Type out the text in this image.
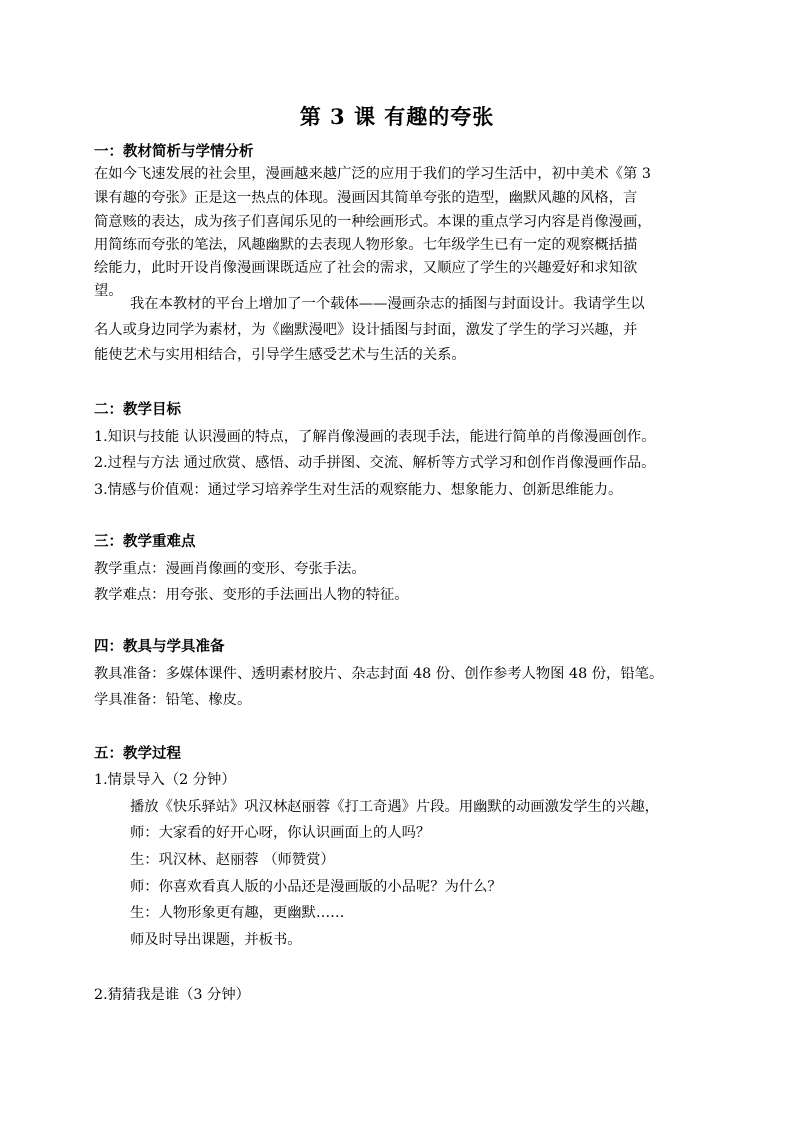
第 3 课 有趣的夸张
一：教材简析与学情分析
在如今飞速发展的社会里，漫画越来越广泛的应用于我们的学习生活中，初中美术《第 3
课有趣的夸张》正是这一热点的体现。漫画因其简单夸张的造型，幽默风趣的风格，言
简意赅的表达，成为孩子们喜闻乐见的一种绘画形式。本课的重点学习内容是肖像漫画，
用简练而夸张的笔法，风趣幽默的去表现人物形象。七年级学生已有一定的观察概括描
绘能力，此时开设肖像漫画课既适应了社会的需求，又顺应了学生的兴趣爱好和求知欲
望。
我在本教材的平台上增加了一个载体——漫画杂志的插图与封面设计。我请学生以
名人或身边同学为素材，为《幽默漫吧》设计插图与封面，激发了学生的学习兴趣，并
能使艺术与实用相结合，引导学生感受艺术与生活的关系。
二：教学目标
1.知识与技能 认识漫画的特点，了解肖像漫画的表现手法，能进行简单的肖像漫画创作。
2.过程与方法 通过欣赏、感悟、动手拼图、交流、解析等方式学习和创作肖像漫画作品。
3.情感与价值观：通过学习培养学生对生活的观察能力、想象能力、创新思维能力。
三：教学重难点
教学重点：漫画肖像画的变形、夸张手法。
教学难点：用夸张、变形的手法画出人物的特征。
四：教具与学具准备
教具准备：多媒体课件、透明素材胶片、杂志封面 48 份、创作参考人物图 48 份，铅笔。
学具准备：铅笔、橡皮。
五：教学过程
1.情景导入（2 分钟）
播放《快乐驿站》巩汉林赵丽蓉《打工奇遇》片段。用幽默的动画激发学生的兴趣，
师：大家看的好开心呀，你认识画面上的人吗？
生：巩汉林、赵丽蓉 （师赞赏）
师：你喜欢看真人版的小品还是漫画版的小品呢？为什么？
生：人物形象更有趣，更幽默……
师及时导出课题，并板书。
2.猜猜我是谁（3 分钟）
